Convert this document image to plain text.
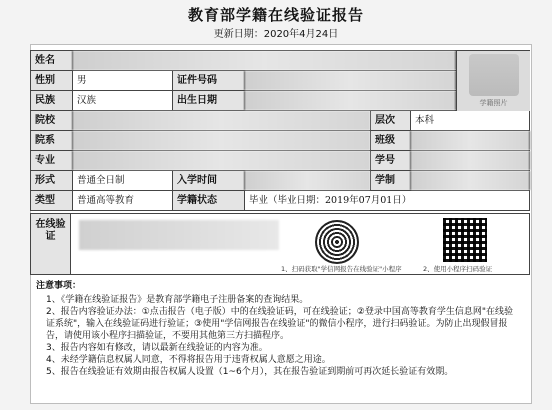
教育部学籍在线验证报告
更新日期：2020年4月24日
姓名
性别	男	证件号码
民族	汉族	出生日期
院校	层次	本科
院系	班级
专业	学号
形式	普通全日制	入学时间	学制
类型	普通高等教育	学籍状态	毕业（毕业日期：2019年07月01日）
学籍照片
在线验证
1、扫码获取"学信网报告在线验证"小程序	2、使用小程序扫码验证
注意事项：
1、《学籍在线验证报告》是教育部学籍电子注册备案的查询结果。
2、报告内容验证办法：①点击报告（电子版）中的在线验证码，可在线验证；②登录中国高等教育学生信息网"在线验证系统"，输入在线验证码进行验证；③使用"学信网报告在线验证"的微信小程序，进行扫码验证。为防止出现假冒报告，请使用该小程序扫描验证，不要用其他第三方扫描程序。
3、报告内容如有修改，请以最新在线验证的内容为准。
4、未经学籍信息权属人同意，不得将报告用于违背权属人意愿之用途。
5、报告在线验证有效期由报告权属人设置（1~6个月），其在报告验证到期前可再次延长验证有效期。
